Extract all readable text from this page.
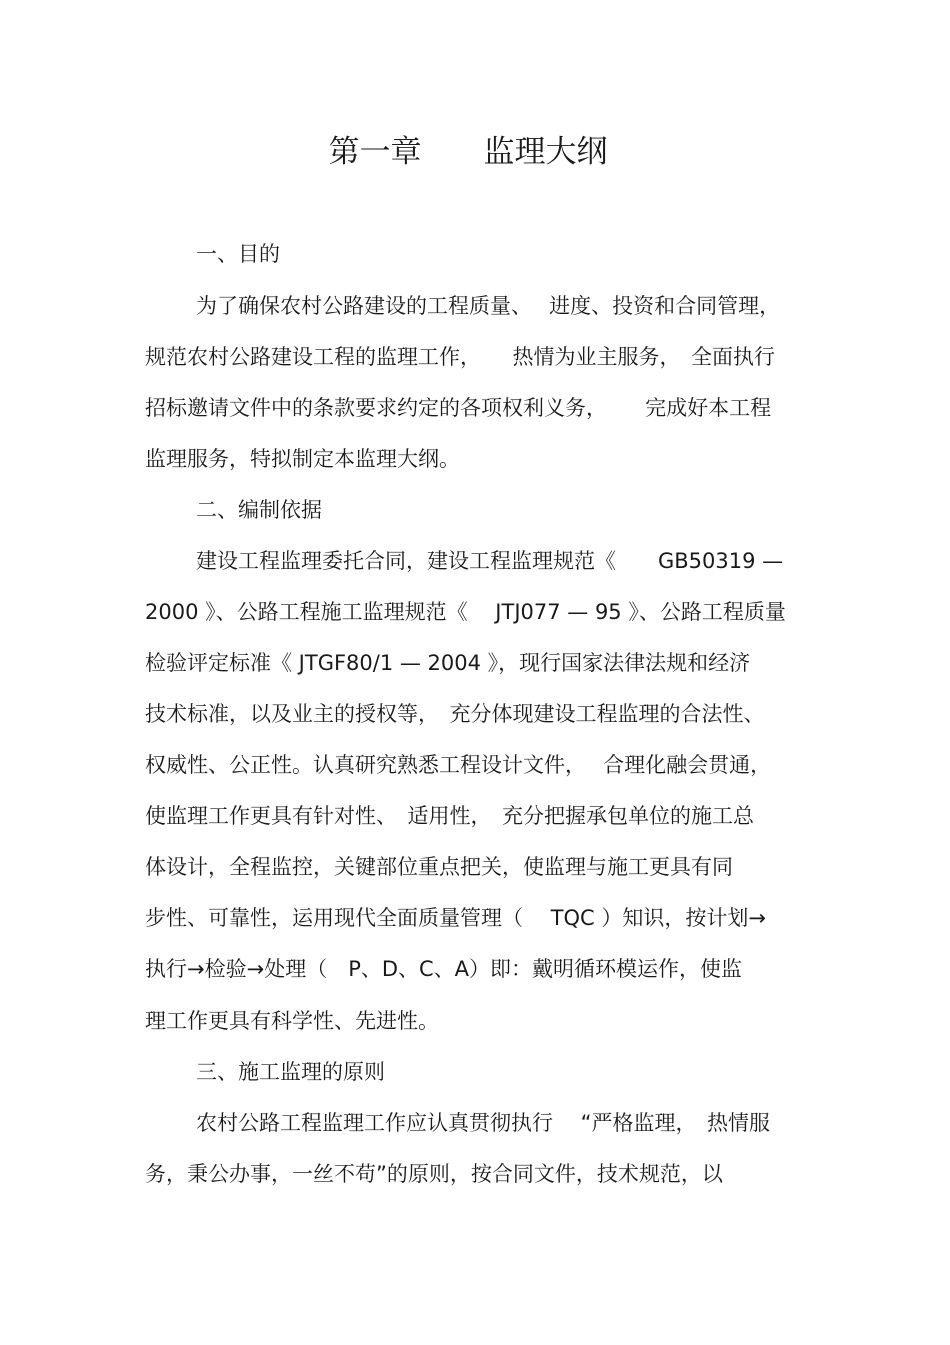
第一章　　监理大纲
一、目的
为了确保农村公路建设的工程质量、　 进度、投资和合同管理，
规范农村公路建设工程的监理工作，　　热情为业主服务，　全面执行
招标邀请文件中的条款要求约定的各项权利义务，　　 完成好本工程
监理服务，特拟制定本监理大纲。
二、编制依据
建设工程监理委托合同，建设工程监理规范《　　GB50319 —
2000 》、公路工程施工监理规范《　 JTJ077 — 95 》、公路工程质量
检验评定标准《 JTGF80/1 — 2004 》，现行国家法律法规和经济
技术标准，以及业主的授权等，　充分体现建设工程监理的合法性、
权威性、公正性。认真研究熟悉工程设计文件，　 合理化融会贯通，
使监理工作更具有针对性、　适用性，　充分把握承包单位的施工总
体设计，全程监控，关键部位重点把关，使监理与施工更具有同
步性、可靠性，运用现代全面质量管理（　 TQC ）知识，按计划→
执行→检验→处理（　P、D、C、A）即：戴明循环模运作，使监
理工作更具有科学性、先进性。
三、施工监理的原则
农村公路工程监理工作应认真贯彻执行　 “严格监理，　热情服
务，秉公办事，一丝不苟”的原则，按合同文件，技术规范，以
